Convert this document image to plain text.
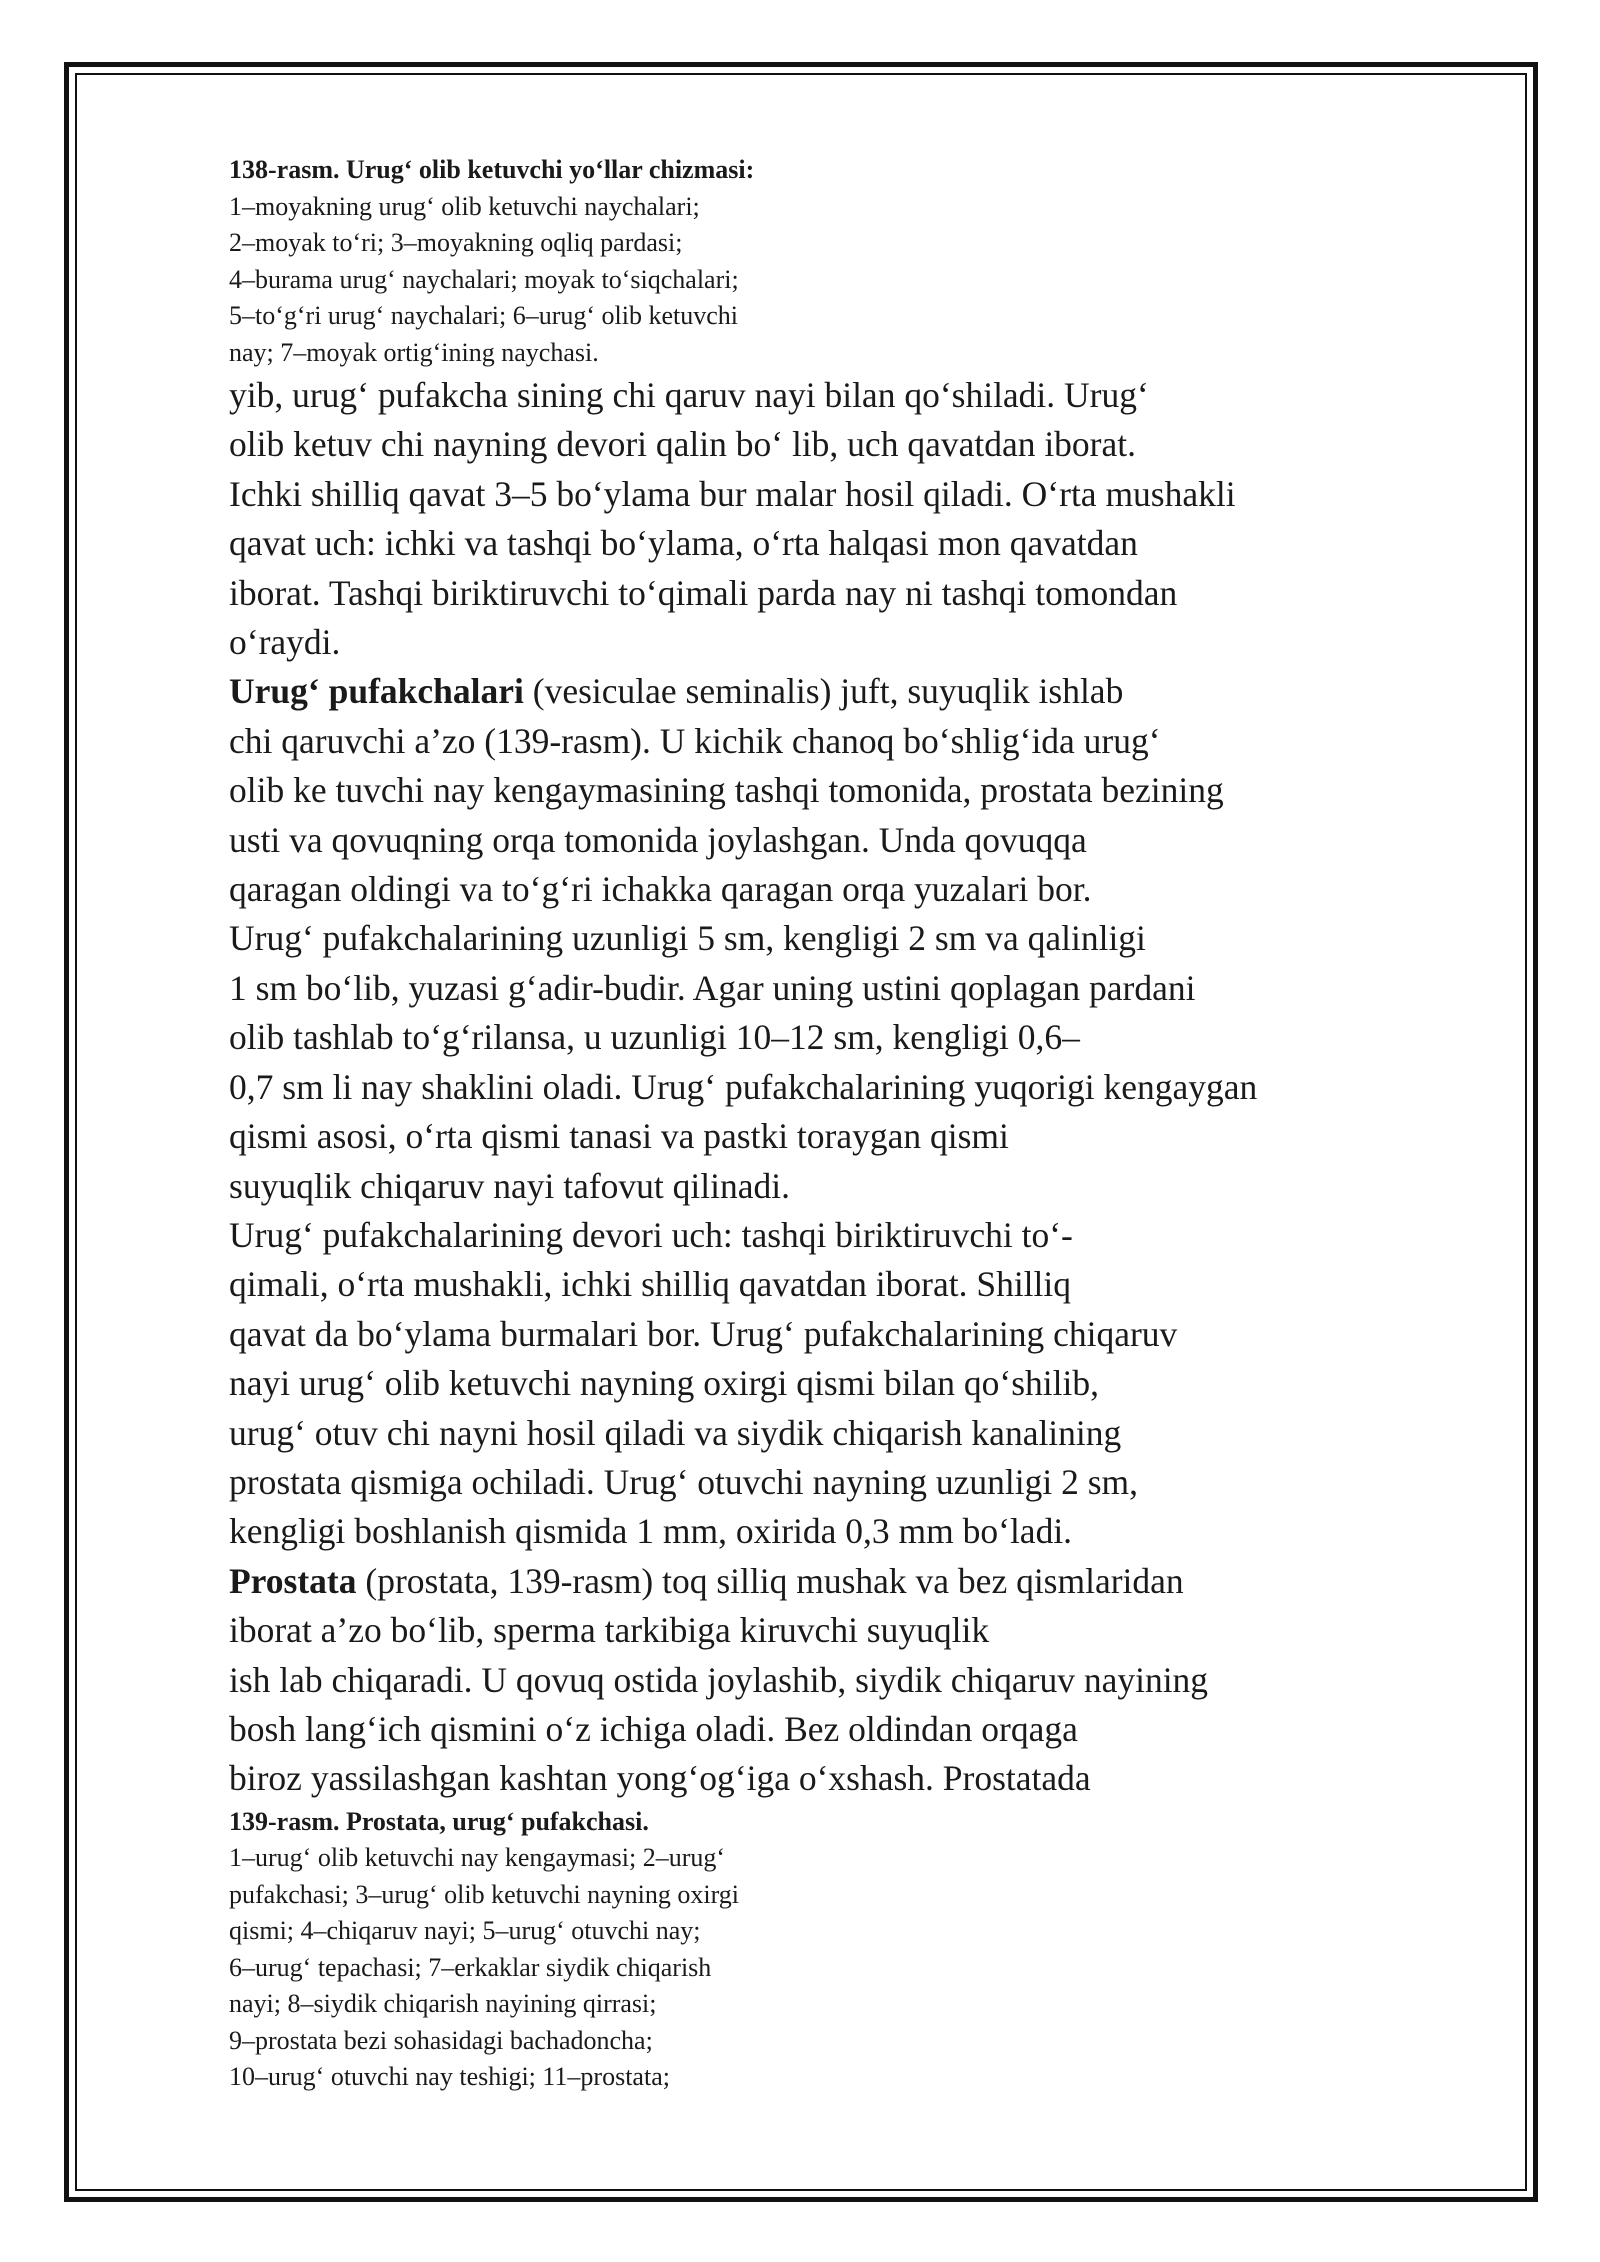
138-rasm. Urug‘ olib ketuvchi yo‘llar chizmasi:

1–moyakning urug‘ olib ketuvchi naychalari;

2–moyak to‘ri; 3–moyakning oqliq pardasi;

4–burama urug‘ naychalari; moyak to‘siqchalari;

5–to‘g‘ri urug‘ naychalari; 6–urug‘ olib ketuvchi

nay; 7–moyak ortig‘ining naychasi.

yib, urug‘ pufakcha sining chi qaruv nayi bilan qo‘shiladi. Urug‘
olib ketuv chi nayning devori qalin bo‘ lib, uch qavatdan iborat.
Ichki shilliq qavat 3–5 bo‘ylama bur malar hosil qiladi. O‘rta mushakli
qavat uch: ichki va tashqi bo‘ylama, o‘rta halqasi mon qavatdan
iborat. Tashqi biriktiruvchi to‘qimali parda nay ni tashqi tomondan
o‘raydi.
Urug‘ pufakchalari (vesiculae seminalis) juft, suyuqlik ishlab
chi qaruvchi a’zo (139-rasm). U kichik chanoq bo‘shlig‘ida urug‘
olib ke tuvchi nay kengaymasining tashqi tomonida, prostata bezining
usti va qovuqning orqa tomonida joylashgan. Unda qovuqqa
qaragan oldingi va to‘g‘ri ichakka qaragan orqa yuzalari bor.
Urug‘ pufakchalarining uzunligi 5 sm, kengligi 2 sm va qalinligi
1 sm bo‘lib, yuzasi g‘adir-budir. Agar uning ustini qoplagan pardani
olib tashlab to‘g‘rilansa, u uzunligi 10–12 sm, kengligi 0,6–
0,7 sm li nay shaklini oladi. Urug‘ pufakchalarining yuqorigi kengaygan
qismi asosi, o‘rta qismi tanasi va pastki toraygan qismi
suyuqlik chiqaruv nayi tafovut qilinadi.
Urug‘ pufakchalarining devori uch: tashqi biriktiruvchi to‘-
qimali, o‘rta mushakli, ichki shilliq qavatdan iborat. Shilliq
qavat da bo‘ylama burmalari bor. Urug‘ pufakchalarining chiqaruv
nayi urug‘ olib ketuvchi nayning oxirgi qismi bilan qo‘shilib,
urug‘ otuv chi nayni hosil qiladi va siydik chiqarish kanalining
prostata qismiga ochiladi. Urug‘ otuvchi nayning uzunligi 2 sm,
kengligi boshlanish qismida 1 mm, oxirida 0,3 mm bo‘ladi.
Prostata (prostata, 139-rasm) toq silliq mushak va bez qismlaridan
iborat a’zo bo‘lib, sperma tarkibiga kiruvchi suyuqlik
ish lab chiqaradi. U qovuq ostida joylashib, siydik chiqaruv nayining
bosh lang‘ich qismini o‘z ichiga oladi. Bez oldindan orqaga
biroz yassilashgan kashtan yong‘og‘iga o‘xshash. Prostatada

139-rasm. Prostata, urug‘ pufakchasi.

1–urug‘ olib ketuvchi nay kengaymasi; 2–urug‘

pufakchasi; 3–urug‘ olib ketuvchi nayning oxirgi

qismi; 4–chiqaruv nayi; 5–urug‘ otuvchi nay;

6–urug‘ tepachasi; 7–erkaklar siydik chiqarish

nayi; 8–siydik chiqarish nayining qirrasi;

9–prostata bezi sohasidagi bachadoncha;

10–urug‘ otuvchi nay teshigi; 11–prostata;
